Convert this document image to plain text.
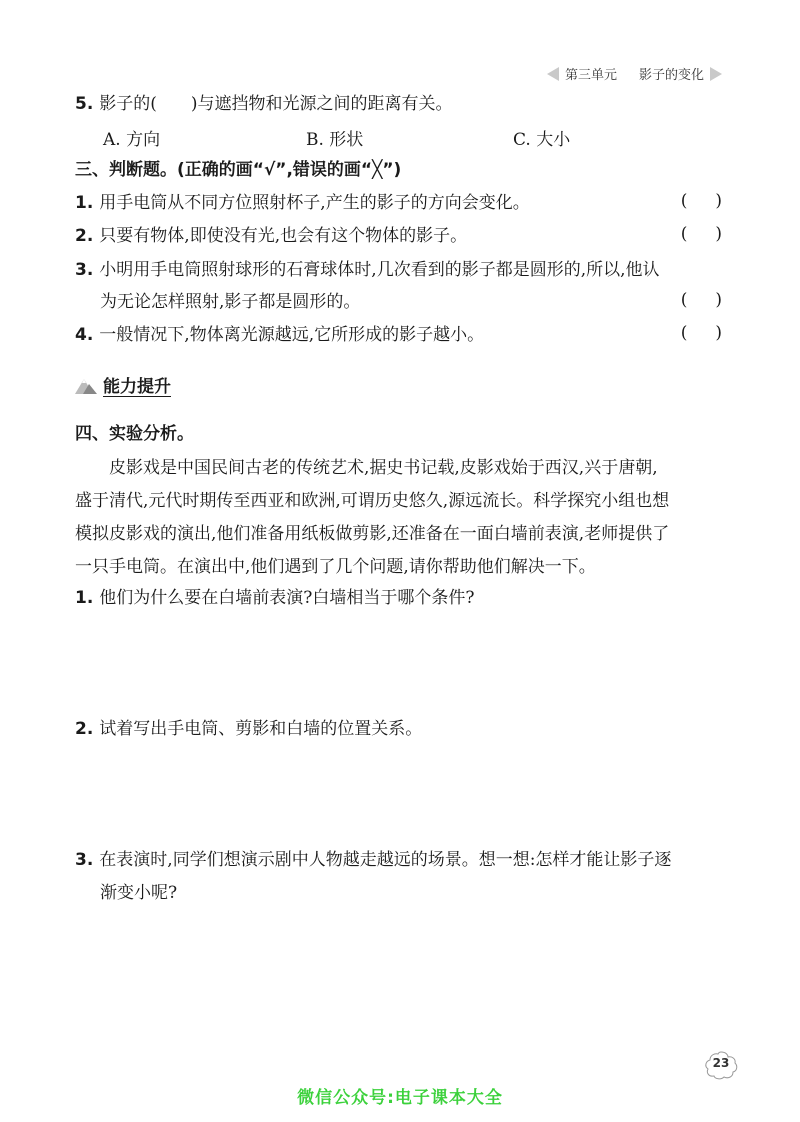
第三单元 影子的变化
5. 影子的(　　)与遮挡物和光源之间的距离有关。
A. 方向	B. 形状	C. 大小
三、判断题。(正确的画“√”,错误的画“╳”)
1. 用手电筒从不同方位照射杯子,产生的影子的方向会变化。	( )
2. 只要有物体,即使没有光,也会有这个物体的影子。	( )
3. 小明用手电筒照射球形的石膏球体时,几次看到的影子都是圆形的,所以,他认
为无论怎样照射,影子都是圆形的。	( )
4. 一般情况下,物体离光源越远,它所形成的影子越小。	( )
能力提升
四、实验分析。
皮影戏是中国民间古老的传统艺术,据史书记载,皮影戏始于西汉,兴于唐朝,
盛于清代,元代时期传至西亚和欧洲,可谓历史悠久,源远流长。科学探究小组也想
模拟皮影戏的演出,他们准备用纸板做剪影,还准备在一面白墙前表演,老师提供了
一只手电筒。在演出中,他们遇到了几个问题,请你帮助他们解决一下。
1. 他们为什么要在白墙前表演?白墙相当于哪个条件?
2. 试着写出手电筒、剪影和白墙的位置关系。
3. 在表演时,同学们想演示剧中人物越走越远的场景。想一想:怎样才能让影子逐
渐变小呢?
23
微信公众号:电子课本大全
